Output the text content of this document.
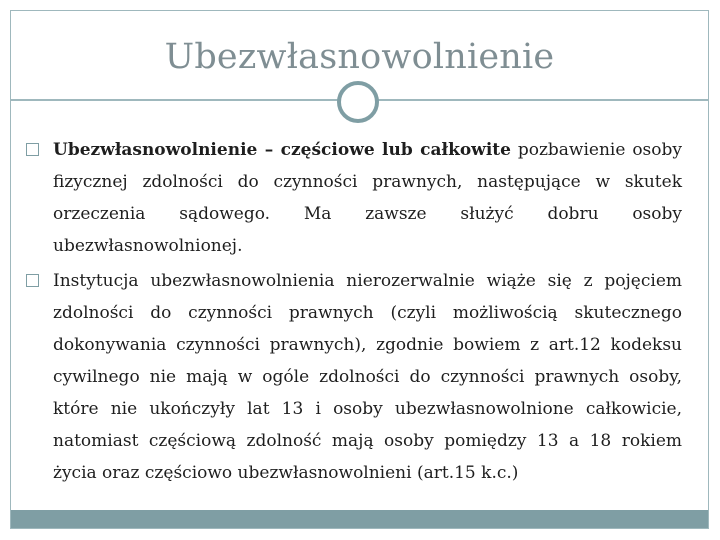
Ubezwłasnowolnienie
Ubezwłasnowolnienie – częściowe lub całkowite pozbawienie osoby fizycznej zdolności do czynności prawnych, następujące w skutek orzeczenia sądowego. Ma zawsze służyć dobru osoby ubezwłasnowolnionej.
Instytucja ubezwłasnowolnienia nierozerwalnie wiąże się z pojęciem zdolności do czynności prawnych (czyli możliwością skutecznego dokonywania czynności prawnych), zgodnie bowiem z art.12 kodeksu cywilnego nie mają w ogóle zdolności do czynności prawnych osoby, które nie ukończyły lat 13 i osoby ubezwłasnowolnione całkowicie, natomiast częściową zdolność mają osoby pomiędzy 13 a 18 rokiem życia oraz częściowo ubezwłasnowolnieni (art.15 k.c.)
